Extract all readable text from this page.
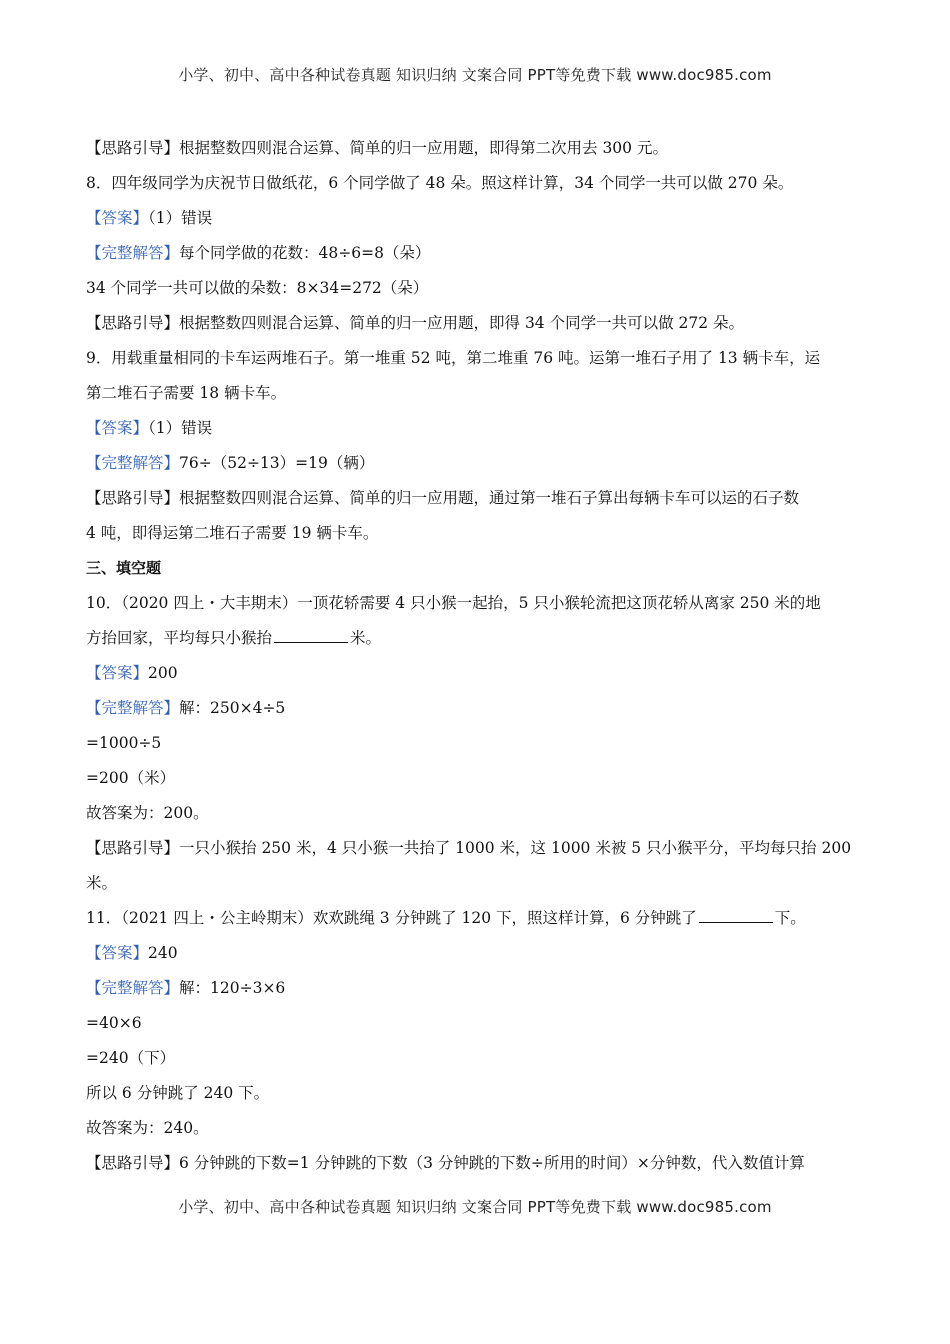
小学、初中、高中各种试卷真题 知识归纳 文案合同 PPT等免费下载 www.doc985.com
【思路引导】根据整数四则混合运算、简单的归一应用题，即得第二次用去 300 元。
8．四年级同学为庆祝节日做纸花，6 个同学做了 48 朵。照这样计算，34 个同学一共可以做 270 朵。
【答案】（1）错误
【完整解答】每个同学做的花数：48÷6=8（朵）
34 个同学一共可以做的朵数：8×34=272（朵）
【思路引导】根据整数四则混合运算、简单的归一应用题，即得 34 个同学一共可以做 272 朵。
9．用载重量相同的卡车运两堆石子。第一堆重 52 吨，第二堆重 76 吨。运第一堆石子用了 13 辆卡车，运
第二堆石子需要 18 辆卡车。
【答案】（1）错误
【完整解答】76÷（52÷13）=19（辆）
【思路引导】根据整数四则混合运算、简单的归一应用题，通过第一堆石子算出每辆卡车可以运的石子数
4 吨，即得运第二堆石子需要 19 辆卡车。
三、填空题
10．（2020 四上・大丰期末）一顶花轿需要 4 只小猴一起抬，5 只小猴轮流把这顶花轿从离家 250 米的地
方抬回家，平均每只小猴抬	米。
【答案】200
【完整解答】解：250×4÷5
=1000÷5
=200（米）
故答案为：200。
【思路引导】一只小猴抬 250 米，4 只小猴一共抬了 1000 米，这 1000 米被 5 只小猴平分，平均每只抬 200
米。
11．（2021 四上・公主岭期末）欢欢跳绳 3 分钟跳了 120 下，照这样计算，6 分钟跳了	下。
【答案】240
【完整解答】解：120÷3×6
=40×6
=240（下）
所以 6 分钟跳了 240 下。
故答案为：240。
【思路引导】6 分钟跳的下数=1 分钟跳的下数（3 分钟跳的下数÷所用的时间）×分钟数，代入数值计算
小学、初中、高中各种试卷真题 知识归纳 文案合同 PPT等免费下载 www.doc985.com
